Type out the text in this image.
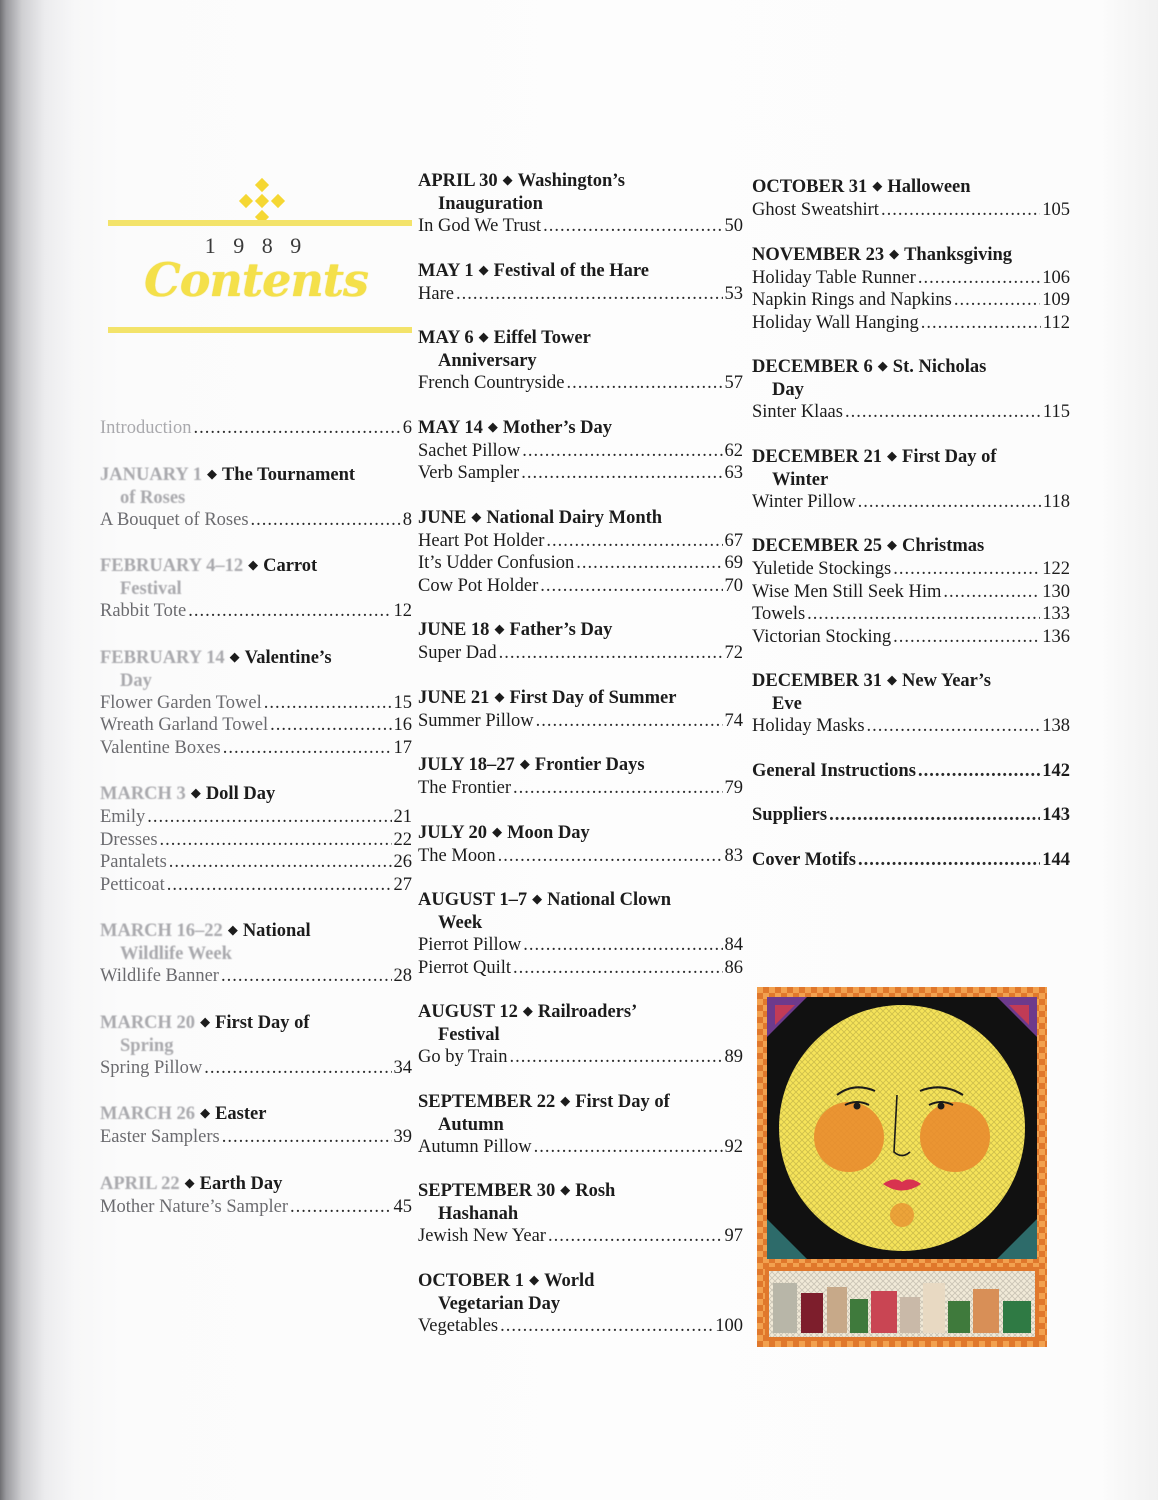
1 9 8 9
Contents
Introduction .....	6
JANUARY 1 ◆ The Tournament
of Roses
A Bouquet of Roses .....	8
FEBRUARY 4–12 ◆ Carrot
Festival
Rabbit Tote .....	12
FEBRUARY 14 ◆ Valentine’s
Day
Flower Garden Towel .....	15
Wreath Garland Towel .....	16
Valentine Boxes .....	17
MARCH 3 ◆ Doll Day
Emily .....	21
Dresses .....	22
Pantalets .....	26
Petticoat .....	27
MARCH 16–22 ◆ National
Wildlife Week
Wildlife Banner .....	28
MARCH 20 ◆ First Day of
Spring
Spring Pillow .....	34
MARCH 26 ◆ Easter
Easter Samplers .....	39
APRIL 22 ◆ Earth Day
Mother Nature’s Sampler .....	45
APRIL 30 ◆ Washington’s
Inauguration
In God We Trust .....	50
MAY 1 ◆ Festival of the Hare
Hare .....	53
MAY 6 ◆ Eiffel Tower
Anniversary
French Countryside .....	57
MAY 14 ◆ Mother’s Day
Sachet Pillow .....	62
Verb Sampler .....	63
JUNE ◆ National Dairy Month
Heart Pot Holder .....	67
It’s Udder Confusion .....	69
Cow Pot Holder .....	70
JUNE 18 ◆ Father’s Day
Super Dad .....	72
JUNE 21 ◆ First Day of Summer
Summer Pillow .....	74
JULY 18–27 ◆ Frontier Days
The Frontier .....	79
JULY 20 ◆ Moon Day
The Moon .....	83
AUGUST 1–7 ◆ National Clown
Week
Pierrot Pillow .....	84
Pierrot Quilt .....	86
AUGUST 12 ◆ Railroaders’
Festival
Go by Train .....	89
SEPTEMBER 22 ◆ First Day of
Autumn
Autumn Pillow .....	92
SEPTEMBER 30 ◆ Rosh
Hashanah
Jewish New Year .....	97
OCTOBER 1 ◆ World
Vegetarian Day
Vegetables .....	100
OCTOBER 31 ◆ Halloween
Ghost Sweatshirt .....	105
NOVEMBER 23 ◆ Thanksgiving
Holiday Table Runner .....	106
Napkin Rings and Napkins .....	109
Holiday Wall Hanging .....	112
DECEMBER 6 ◆ St. Nicholas
Day
Sinter Klaas .....	115
DECEMBER 21 ◆ First Day of
Winter
Winter Pillow .....	118
DECEMBER 25 ◆ Christmas
Yuletide Stockings .....	122
Wise Men Still Seek Him .....	130
Towels .....	133
Victorian Stocking .....	136
DECEMBER 31 ◆ New Year’s
Eve
Holiday Masks .....	138
General Instructions .....	142
Suppliers .....	143
Cover Motifs .....	144
